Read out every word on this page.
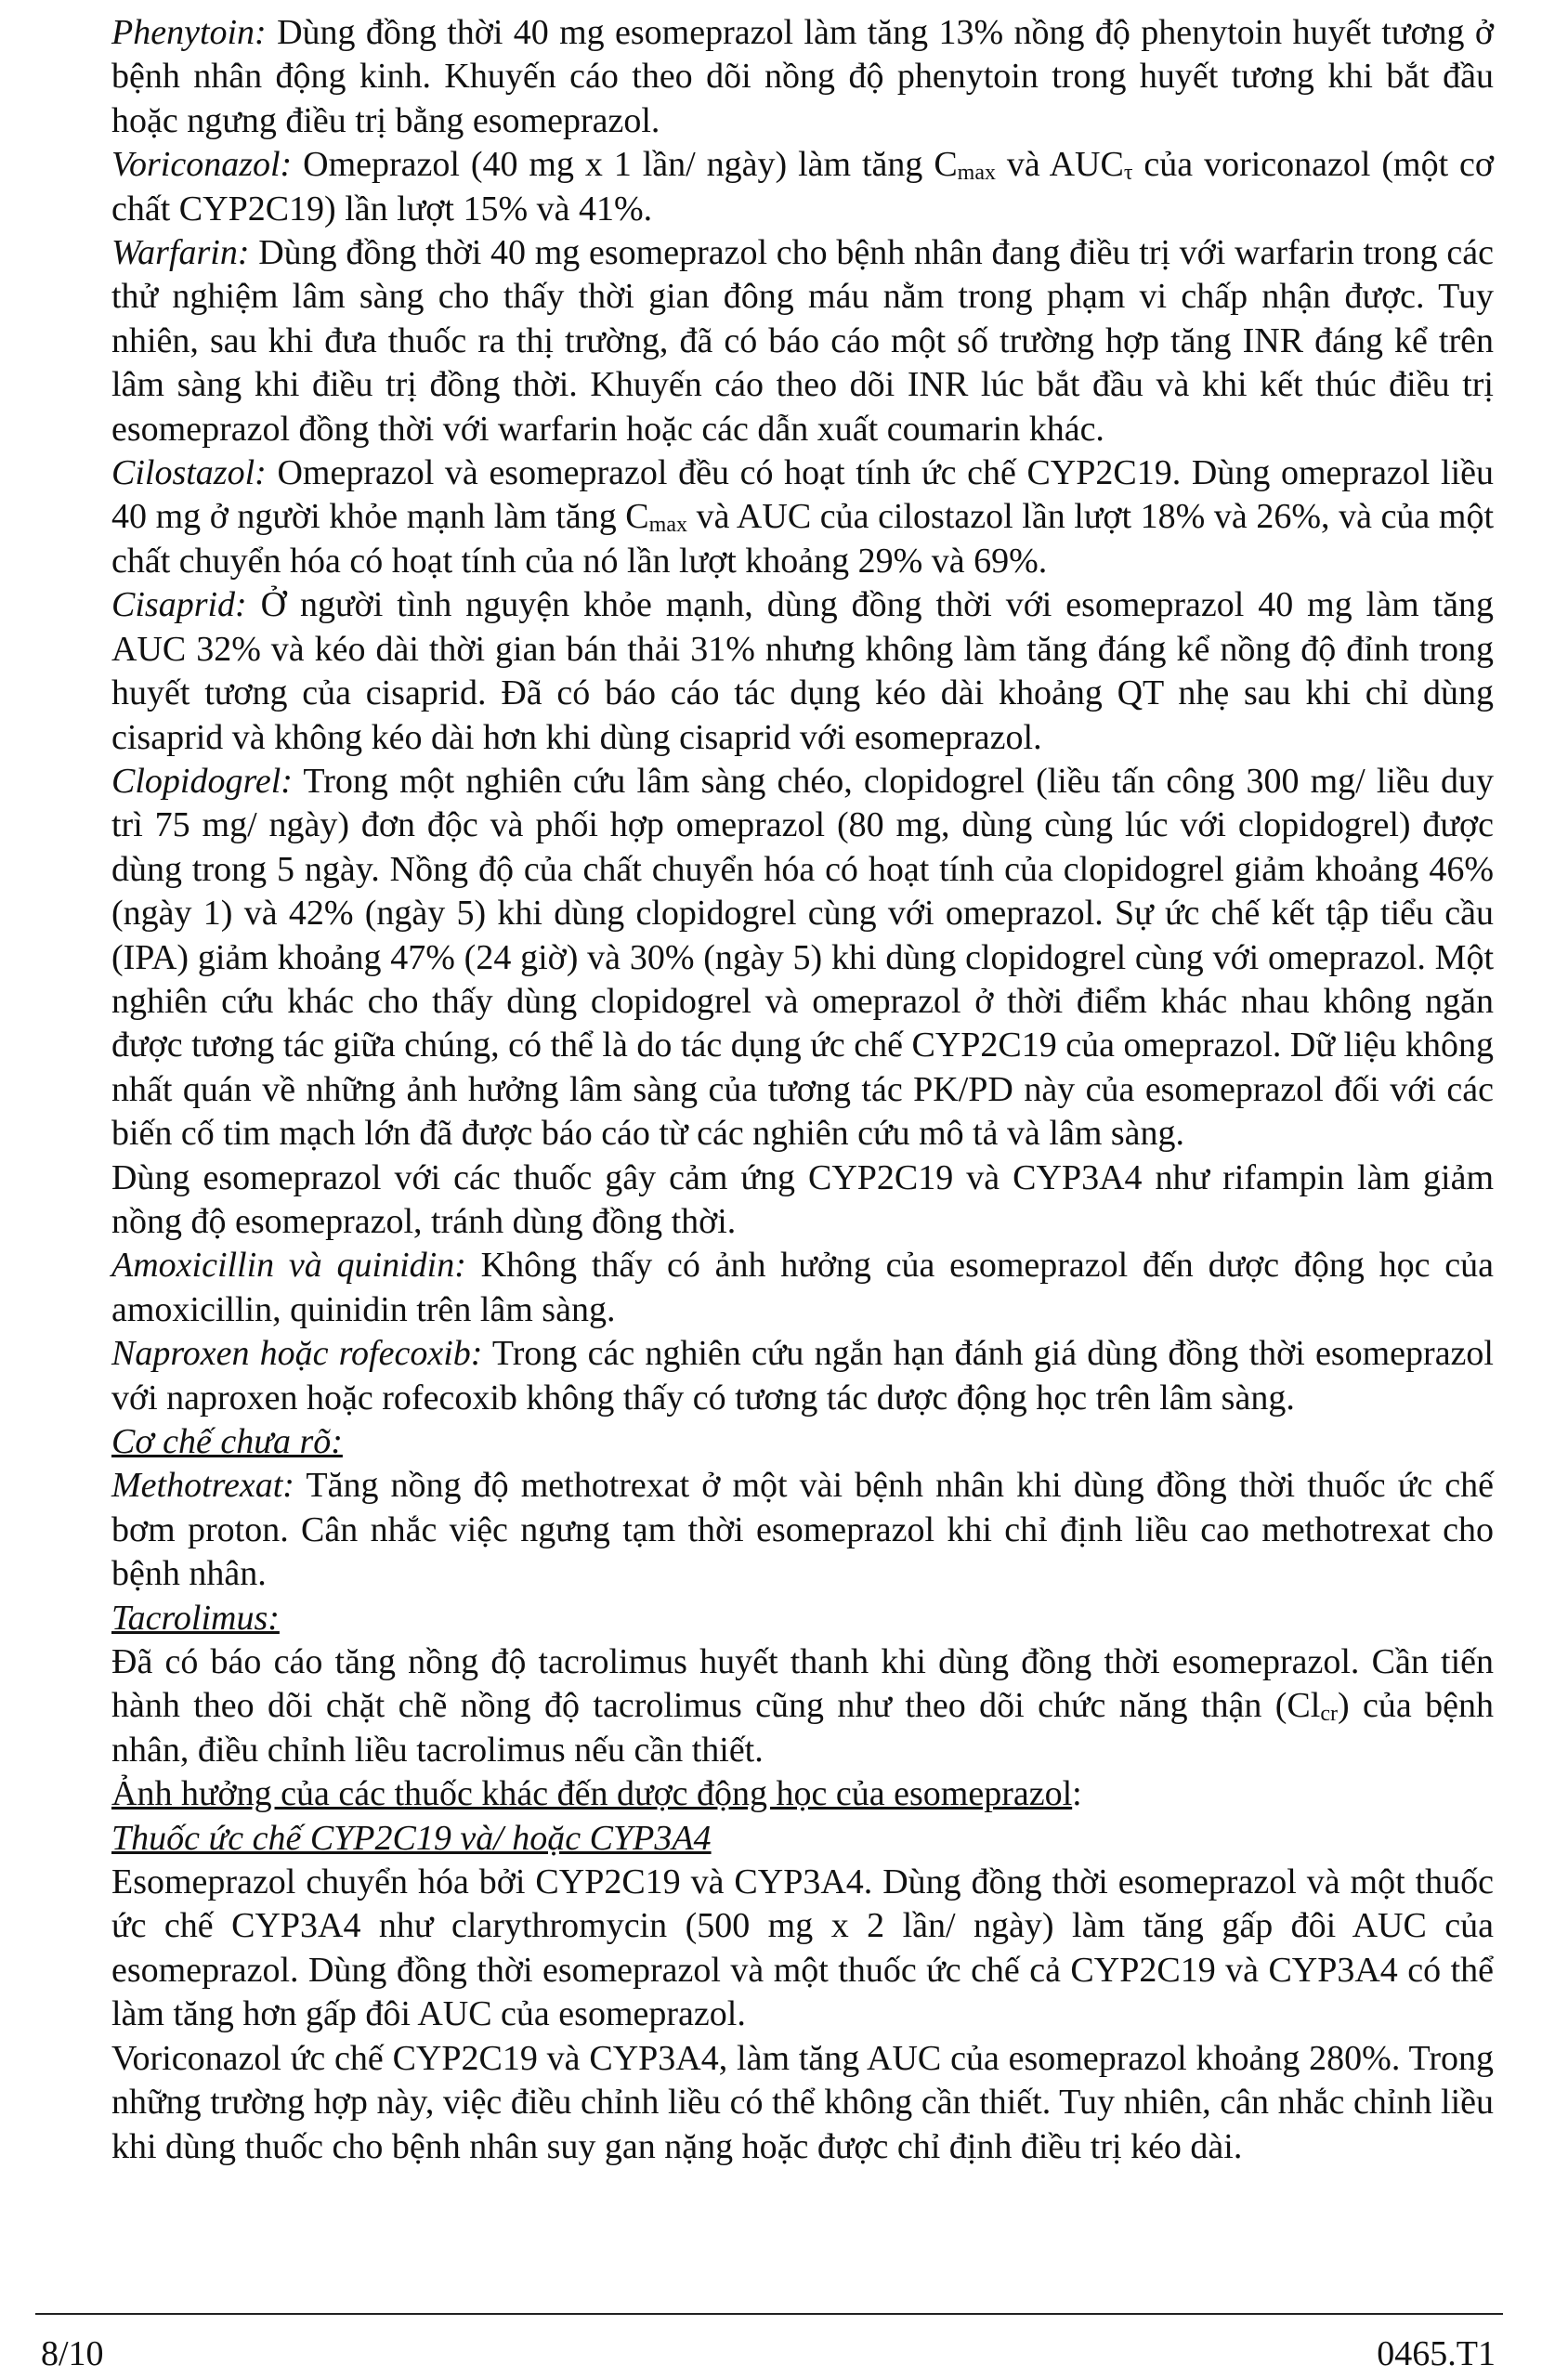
Phenytoin: Dùng đồng thời 40 mg esomeprazol làm tăng 13% nồng độ phenytoin huyết tương ở bệnh nhân động kinh. Khuyến cáo theo dõi nồng độ phenytoin trong huyết tương khi bắt đầu hoặc ngưng điều trị bằng esomeprazol.

Voriconazol: Omeprazol (40 mg x 1 lần/ ngày) làm tăng $C_{max}$ và $AUC_\tau$ của voriconazol (một cơ chất CYP2C19) lần lượt 15% và 41%.

Warfarin: Dùng đồng thời 40 mg esomeprazol cho bệnh nhân đang điều trị với warfarin trong các thử nghiệm lâm sàng cho thấy thời gian đông máu nằm trong phạm vi chấp nhận được. Tuy nhiên, sau khi đưa thuốc ra thị trường, đã có báo cáo một số trường hợp tăng INR đáng kể trên lâm sàng khi điều trị đồng thời. Khuyến cáo theo dõi INR lúc bắt đầu và khi kết thúc điều trị esomeprazol đồng thời với warfarin hoặc các dẫn xuất coumarin khác.

Cilostazol: Omeprazol và esomeprazol đều có hoạt tính ức chế CYP2C19. Dùng omeprazol liều 40 mg ở người khỏe mạnh làm tăng $C_{max}$ và AUC của cilostazol lần lượt 18% và 26%, và của một chất chuyển hóa có hoạt tính của nó lần lượt khoảng 29% và 69%.

Cisaprid: Ở người tình nguyện khỏe mạnh, dùng đồng thời với esomeprazol 40 mg làm tăng AUC 32% và kéo dài thời gian bán thải 31% nhưng không làm tăng đáng kể nồng độ đỉnh trong huyết tương của cisaprid. Đã có báo cáo tác dụng kéo dài khoảng QT nhẹ sau khi chỉ dùng cisaprid và không kéo dài hơn khi dùng cisaprid với esomeprazol.

Clopidogrel: Trong một nghiên cứu lâm sàng chéo, clopidogrel (liều tấn công 300 mg/ liều duy trì 75 mg/ ngày) đơn độc và phối hợp omeprazol (80 mg, dùng cùng lúc với clopidogrel) được dùng trong 5 ngày. Nồng độ của chất chuyển hóa có hoạt tính của clopidogrel giảm khoảng 46% (ngày 1) và 42% (ngày 5) khi dùng clopidogrel cùng với omeprazol. Sự ức chế kết tập tiểu cầu (IPA) giảm khoảng 47% (24 giờ) và 30% (ngày 5) khi dùng clopidogrel cùng với omeprazol. Một nghiên cứu khác cho thấy dùng clopidogrel và omeprazol ở thời điểm khác nhau không ngăn được tương tác giữa chúng, có thể là do tác dụng ức chế CYP2C19 của omeprazol. Dữ liệu không nhất quán về những ảnh hưởng lâm sàng của tương tác PK/PD này của esomeprazol đối với các biến cố tim mạch lớn đã được báo cáo từ các nghiên cứu mô tả và lâm sàng.

Dùng esomeprazol với các thuốc gây cảm ứng CYP2C19 và CYP3A4 như rifampin làm giảm nồng độ esomeprazol, tránh dùng đồng thời.

Amoxicillin và quinidin: Không thấy có ảnh hưởng của esomeprazol đến dược động học của amoxicillin, quinidin trên lâm sàng.

Naproxen hoặc rofecoxib: Trong các nghiên cứu ngắn hạn đánh giá dùng đồng thời esomeprazol với naproxen hoặc rofecoxib không thấy có tương tác dược động học trên lâm sàng.

Cơ chế chưa rõ:

Methotrexat: Tăng nồng độ methotrexat ở một vài bệnh nhân khi dùng đồng thời thuốc ức chế bơm proton. Cân nhắc việc ngưng tạm thời esomeprazol khi chỉ định liều cao methotrexat cho bệnh nhân.

Tacrolimus:

Đã có báo cáo tăng nồng độ tacrolimus huyết thanh khi dùng đồng thời esomeprazol. Cần tiến hành theo dõi chặt chẽ nồng độ tacrolimus cũng như theo dõi chức năng thận $(Cl_{cr})$ của bệnh nhân, điều chỉnh liều tacrolimus nếu cần thiết.

Ảnh hưởng của các thuốc khác đến dược động học của esomeprazol:

Thuốc ức chế CYP2C19 và/ hoặc CYP3A4

Esomeprazol chuyển hóa bởi CYP2C19 và CYP3A4. Dùng đồng thời esomeprazol và một thuốc ức chế CYP3A4 như clarythromycin (500 mg x 2 lần/ ngày) làm tăng gấp đôi AUC của esomeprazol. Dùng đồng thời esomeprazol và một thuốc ức chế cả CYP2C19 và CYP3A4 có thể làm tăng hơn gấp đôi AUC của esomeprazol.

Voriconazol ức chế CYP2C19 và CYP3A4, làm tăng AUC của esomeprazol khoảng 280%. Trong những trường hợp này, việc điều chỉnh liều có thể không cần thiết. Tuy nhiên, cân nhắc chỉnh liều khi dùng thuốc cho bệnh nhân suy gan nặng hoặc được chỉ định điều trị kéo dài.

8/10	0465.T1
